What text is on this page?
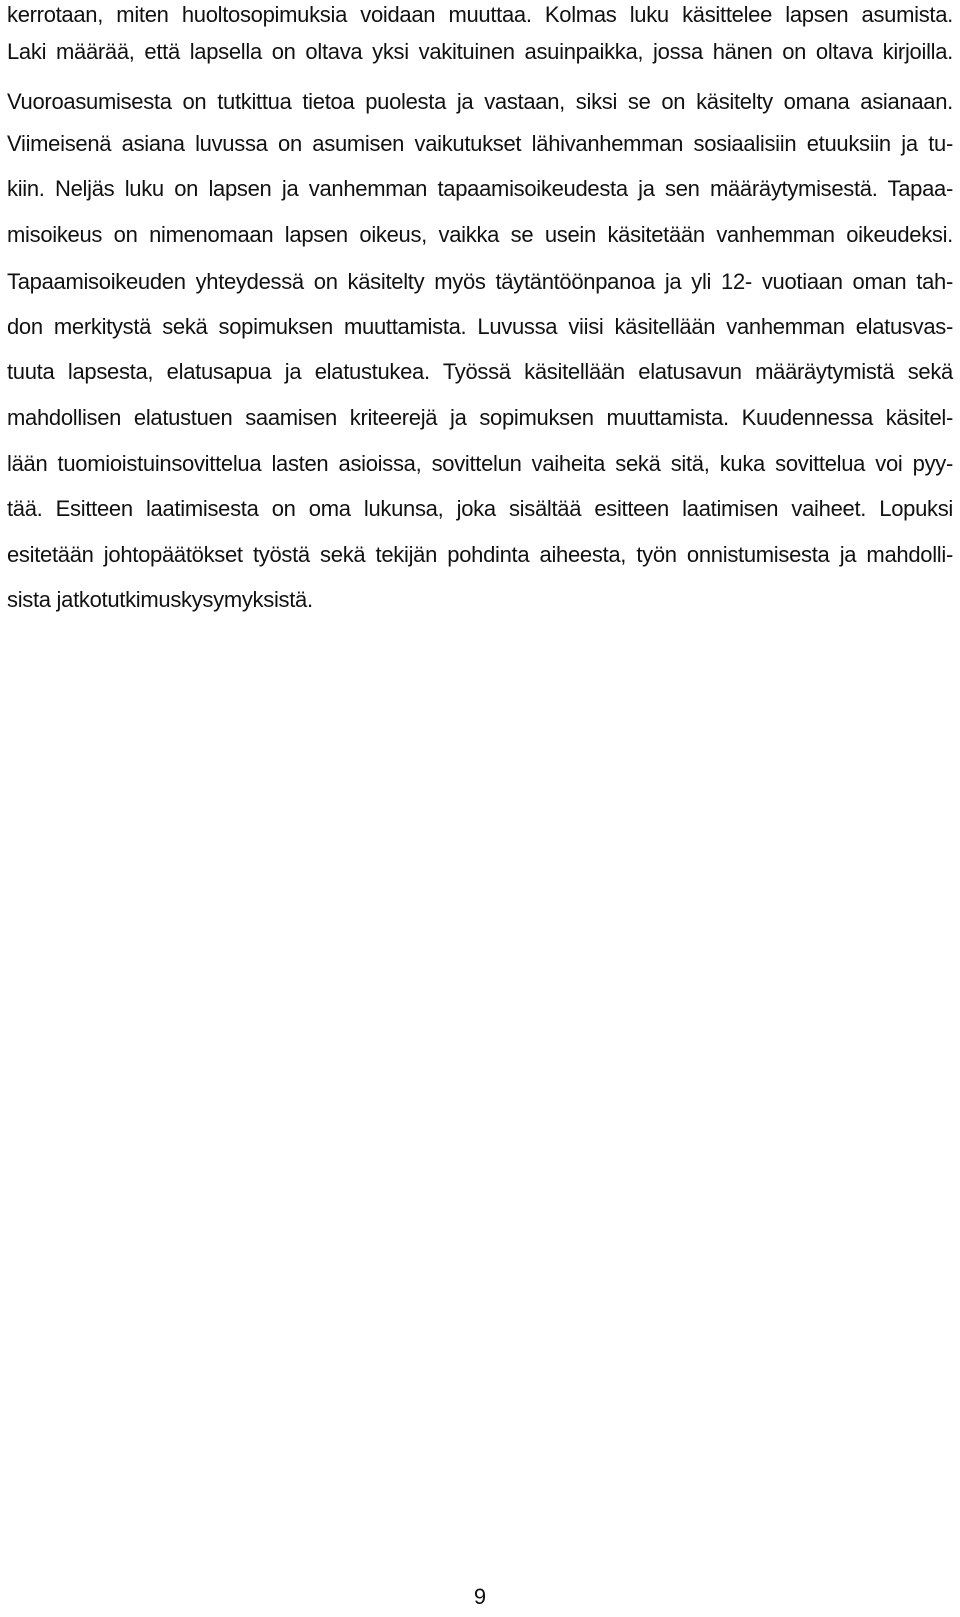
kerrotaan, miten huoltosopimuksia voidaan muuttaa. Kolmas luku käsittelee lapsen asumista.
Laki määrää, että lapsella on oltava yksi vakituinen asuinpaikka, jossa hänen on oltava kirjoilla.
Vuoroasumisesta on tutkittua tietoa puolesta ja vastaan, siksi se on käsitelty omana asianaan.
Viimeisenä asiana luvussa on asumisen vaikutukset lähivanhemman sosiaalisiin etuuksiin ja tu-
kiin. Neljäs luku on lapsen ja vanhemman tapaamisoikeudesta ja sen määräytymisestä. Tapaa-
misoikeus on nimenomaan lapsen oikeus, vaikka se usein käsitetään vanhemman oikeudeksi.
Tapaamisoikeuden yhteydessä on käsitelty myös täytäntöönpanoa ja yli 12- vuotiaan oman tah-
don merkitystä sekä sopimuksen muuttamista. Luvussa viisi käsitellään vanhemman elatusvas-
tuuta lapsesta, elatusapua ja elatustukea. Työssä käsitellään elatusavun määräytymistä sekä
mahdollisen elatustuen saamisen kriteerejä ja sopimuksen muuttamista. Kuudennessa käsitel-
lään tuomioistuinsovittelua lasten asioissa, sovittelun vaiheita sekä sitä, kuka sovittelua voi pyy-
tää. Esitteen laatimisesta on oma lukunsa, joka sisältää esitteen laatimisen vaiheet. Lopuksi
esitetään johtopäätökset työstä sekä tekijän pohdinta aiheesta, työn onnistumisesta ja mahdolli-
sista jatkotutkimuskysymyksistä.
9
